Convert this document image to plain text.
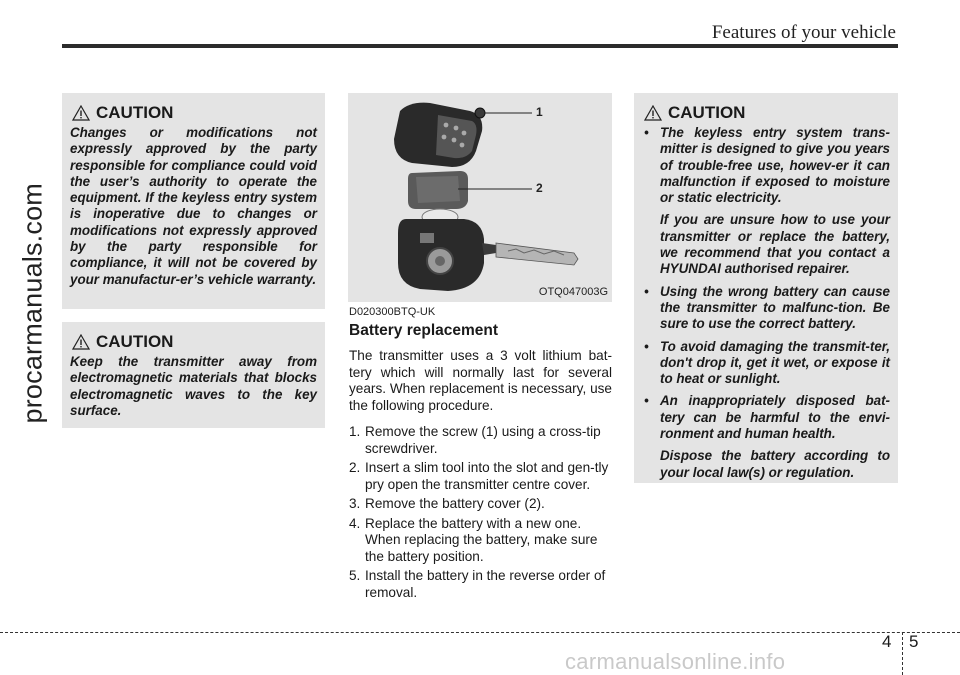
Features of your vehicle
procarmanuals.com
CAUTION
Changes or modifications not expressly approved by the party responsible for compliance could void the user’s authority to operate the equipment. If the keyless entry system is inoperative due to changes or modifications not expressly approved by the party responsible for compliance, it will not be covered by your manufactur-er’s vehicle warranty.
CAUTION
Keep the transmitter away from electromagnetic materials that blocks electromagnetic waves to the key surface.
1
2
OTQ047003G
D020300BTQ-UK
Battery replacement
The transmitter uses a 3 volt lithium bat-tery which will normally last for several years. When replacement is necessary, use the following procedure.
1. Remove the screw (1) using a cross-tip screwdriver.
2. Insert a slim tool into the slot and gen-tly pry open the transmitter centre cover.
3. Remove the battery cover (2).
4. Replace the battery with a new one. When replacing the battery, make sure the battery position.
5. Install the battery in the reverse order of removal.
CAUTION
• The keyless entry system trans-mitter is designed to give you years of trouble-free use, howev-er it can malfunction if exposed to moisture or static electricity.
If you are unsure how to use your transmitter or replace the battery, we recommend that you contact a HYUNDAI authorised repairer.
• Using the wrong battery can cause the transmitter to malfunc-tion. Be sure to use the correct battery.
• To avoid damaging the transmit-ter, don't drop it, get it wet, or expose it to heat or sunlight.
• An inappropriately disposed bat-tery can be harmful to the envi-ronment and human health.
Dispose the battery according to your local law(s) or regulation.
4 5
carmanualsonline.info
